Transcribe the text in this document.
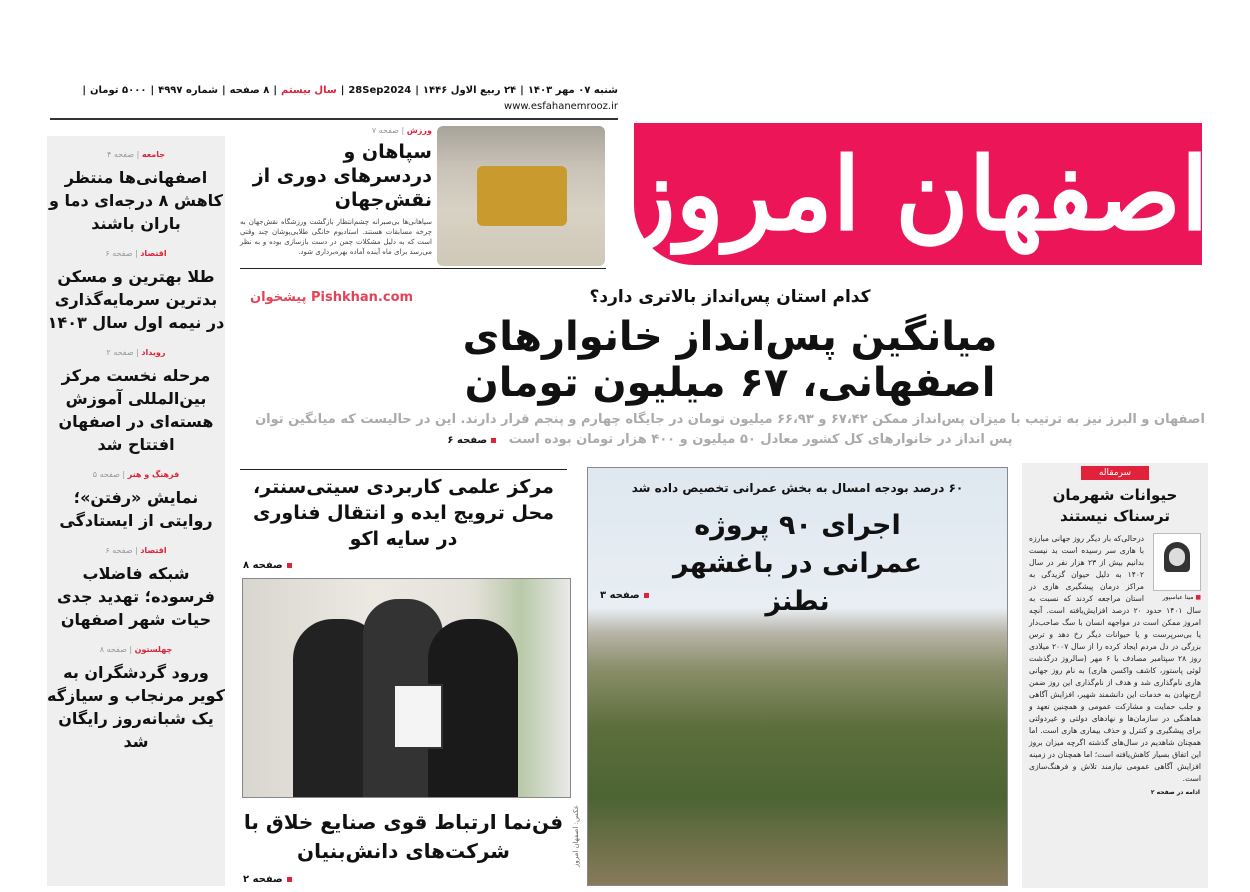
اصفهان امروز
شنبه ۰۷ مهر ۱۴۰۳
|
۲۴ ربیع الاول ۱۴۴۶
|
28Sep2024
|
سال بیستم
|
۸ صفحه
|
شماره ۴۹۹۷
|
۵۰۰۰ تومان
|
www.esfahanemrooz.ir
ورزش | صفحه ۷
سپاهان و دردسرهای دوری از نقش‌جهان
سپاهانی‌ها بی‌صبرانه چشم‌انتظار بازگشت ورزشگاه نقش‌جهان به چرخه مسابقات هستند. استادیوم خانگی طلایی‌پوشان چند وقتی است که به دلیل مشکلات چمن در دست بازسازی بوده و به نظر می‌رسد برای ماه آینده آماده بهره‌برداری شود.
پیشخوان Pishkhan.com	کدام استان پس‌انداز بالاتری دارد؟
میانگین پس‌انداز خانوارهای اصفهانی، ۶۷ میلیون تومان
اصفهان و البرز نیز به ترتیب با میزان پس‌انداز ممکن ۶۷،۴۲ و ۶۶،۹۳ میلیون تومان در جایگاه چهارم و پنجم قرار دارند. این در حالیست که میانگین توان پس انداز در خانوارهای کل کشور معادل ۵۰ میلیون و ۴۰۰ هزار تومان بوده است صفحه ۶
جامعه | صفحه ۴
اصفهانی‌ها منتظر کاهش ۸ درجه‌ای دما و باران باشند
اقتصاد | صفحه ۶
طلا بهترین و مسکن بدترین سرمایه‌گذاری در نیمه اول سال ۱۴۰۳
رویداد | صفحه ۲
مرحله نخست مرکز بین‌المللی آموزش هسته‌ای در اصفهان افتتاح شد
فرهنگ و هنر | صفحه ۵
نمایش «رفتن»؛ روایتی از ایستادگی
اقتصاد | صفحه ۶
شبکه فاضلاب فرسوده؛ تهدید جدی حیات شهر اصفهان
چهلستون | صفحه ۸
ورود گردشگران به کویر مرنجاب و سیازگه یک شبانه‌روز رایگان شد
مرکز علمی کاربردی سیتی‌سنتر، محل ترویج ایده و انتقال فناوری در سایه اکو
صفحه ۸
فن‌نما ارتباط قوی صنایع خلاق با شرکت‌های دانش‌بنیان
صفحه ۲
عکس: اصفهان امروز
۶۰ درصد بودجه امسال به بخش عمرانی تخصیص داده شد
اجرای ۹۰ پروژه عمرانی در باغشهر نطنز
صفحه ۳
سرمقاله
حیوانات شهرمان ترسناک نیستند
■ مینا عباسپور
درحالی‌که بار دیگر روز جهانی مبارزه با هاری سر رسیده است بد نیست بدانیم بیش از ۲۳ هزار نفر در سال ۱۴۰۲ به دلیل حیوان گزیدگی به مراکز درمان پیشگیری هاری در استان مراجعه کردند که نسبت به سال ۱۴۰۱ حدود ۲۰ درصد افزایش‌یافته است. آنچه امروز ممکن است در مواجهه انسان با سگ صاحب‌دار یا بی‌سرپرست و یا حیوانات دیگر رخ دهد و ترس بزرگی در دل مردم ایجاد کرده را از سال ۲۰۰۷ میلادی روز ۲۸ سپتامبر مصادف با ۶ مهر (سالروز درگذشت لوئی پاستور، کاشف واکسن هاری) به نام روز جهانی هاری نام‌گذاری شد و هدف از نام‌گذاری این روز ضمن ارج‌نهادن به خدمات این دانشمند شهیر، افزایش آگاهی و جلب حمایت و مشارکت عمومی و همچنین تعهد و هماهنگی در سازمان‌ها و نهادهای دولتی و غیردولتی برای پیشگیری و کنترل و حذف بیماری هاری است. اما همچنان شاهدیم در سال‌های گذشته اگرچه میزان بروز این اتفاق بسیار کاهش‌یافته است؛ اما همچنان در زمینه افزایش آگاهی عمومی نیازمند تلاش و فرهنگ‌سازی است.
ادامه در صفحه ۲
